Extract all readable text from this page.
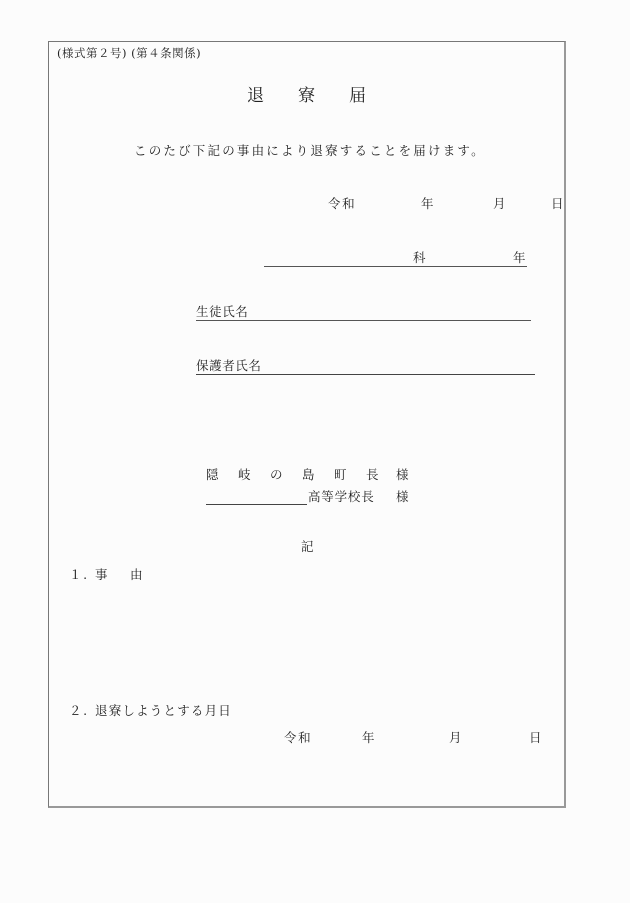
(様式第２号) (第４条関係)
退 寮 届
このたび下記の事由により退寮することを届けます。
令和	年	月	日
科	年
生徒氏名
保護者氏名
隠 岐 の 島 町 長 様
高等学校長 様
記
１. 事 由
２. 退寮しようとする月日
令和	年	月	日
